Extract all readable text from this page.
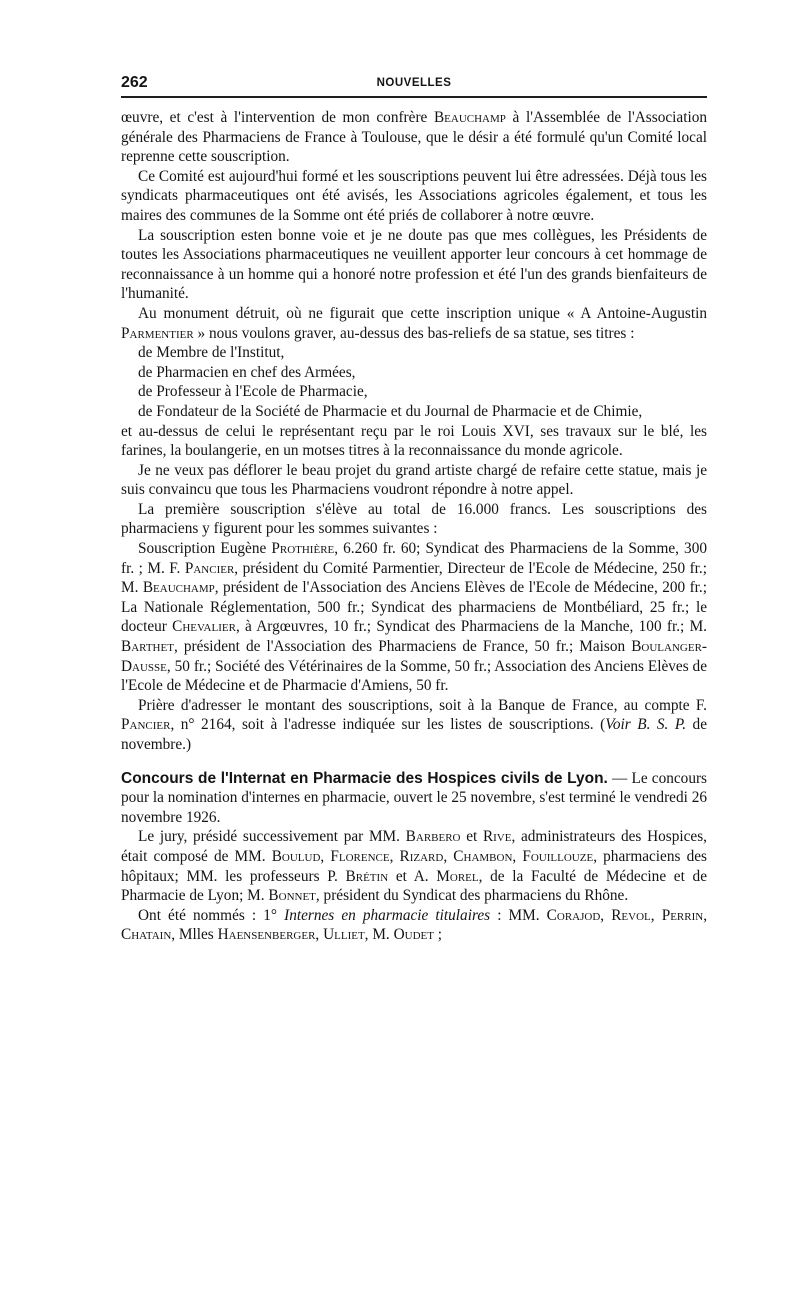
262	NOUVELLES

œuvre, et c'est à l'intervention de mon confrère Beauchamp à l'Assemblée de l'Association générale des Pharmaciens de France à Toulouse, que le désir a été formulé qu'un Comité local reprenne cette souscription.

Ce Comité est aujourd'hui formé et les souscriptions peuvent lui être adressées. Déjà tous les syndicats pharmaceutiques ont été avisés, les Associations agricoles également, et tous les maires des communes de la Somme ont été priés de collaborer à notre œuvre.

La souscription esten bonne voie et je ne doute pas que mes collègues, les Présidents de toutes les Associations pharmaceutiques ne veuillent apporter leur concours à cet hommage de reconnaissance à un homme qui a honoré notre profession et été l'un des grands bienfaiteurs de l'humanité.

Au monument détruit, où ne figurait que cette inscription unique « A Antoine-Augustin Parmentier » nous voulons graver, au-dessus des bas-reliefs de sa statue, ses titres :

de Membre de l'Institut,

de Pharmacien en chef des Armées,

de Professeur à l'Ecole de Pharmacie,

de Fondateur de la Société de Pharmacie et du Journal de Pharmacie et de Chimie,

et au-dessus de celui le représentant reçu par le roi Louis XVI, ses travaux sur le blé, les farines, la boulangerie, en un motses titres à la reconnaissance du monde agricole.

Je ne veux pas déflorer le beau projet du grand artiste chargé de refaire cette statue, mais je suis convaincu que tous les Pharmaciens voudront répondre à notre appel.

La première souscription s'élève au total de 16.000 francs. Les souscriptions des pharmaciens y figurent pour les sommes suivantes :

Souscription Eugène Prothière, 6.260 fr. 60; Syndicat des Pharmaciens de la Somme, 300 fr. ; M. F. Pancier, président du Comité Parmentier, Directeur de l'Ecole de Médecine, 250 fr.; M. Beauchamp, président de l'Association des Anciens Elèves de l'Ecole de Médecine, 200 fr.; La Nationale Réglementation, 500 fr.; Syndicat des pharmaciens de Montbéliard, 25 fr.; le docteur Chevalier, à Argœuvres, 10 fr.; Syndicat des Pharmaciens de la Manche, 100 fr.; M. Barthet, président de l'Association des Pharmaciens de France, 50 fr.; Maison Boulanger-Dausse, 50 fr.; Société des Vétérinaires de la Somme, 50 fr.; Association des Anciens Elèves de l'Ecole de Médecine et de Pharmacie d'Amiens, 50 fr.

Prière d'adresser le montant des souscriptions, soit à la Banque de France, au compte F. Pancier, n° 2164, soit à l'adresse indiquée sur les listes de souscriptions. (Voir B. S. P. de novembre.)

Concours de l'Internat en Pharmacie des Hospices civils de Lyon. — Le concours pour la nomination d'internes en pharmacie, ouvert le 25 novembre, s'est terminé le vendredi 26 novembre 1926.

Le jury, présidé successivement par MM. Barbero et Rive, administrateurs des Hospices, était composé de MM. Boulud, Florence, Rizard, Chambon, Fouillouze, pharmaciens des hôpitaux; MM. les professeurs P. Brétin et A. Morel, de la Faculté de Médecine et de Pharmacie de Lyon; M. Bonnet, président du Syndicat des pharmaciens du Rhône.

Ont été nommés : 1° Internes en pharmacie titulaires : MM. Corajod, Revol, Perrin, Chatain, Mlles Haensenberger, Ulliet, M. Oudet ;
